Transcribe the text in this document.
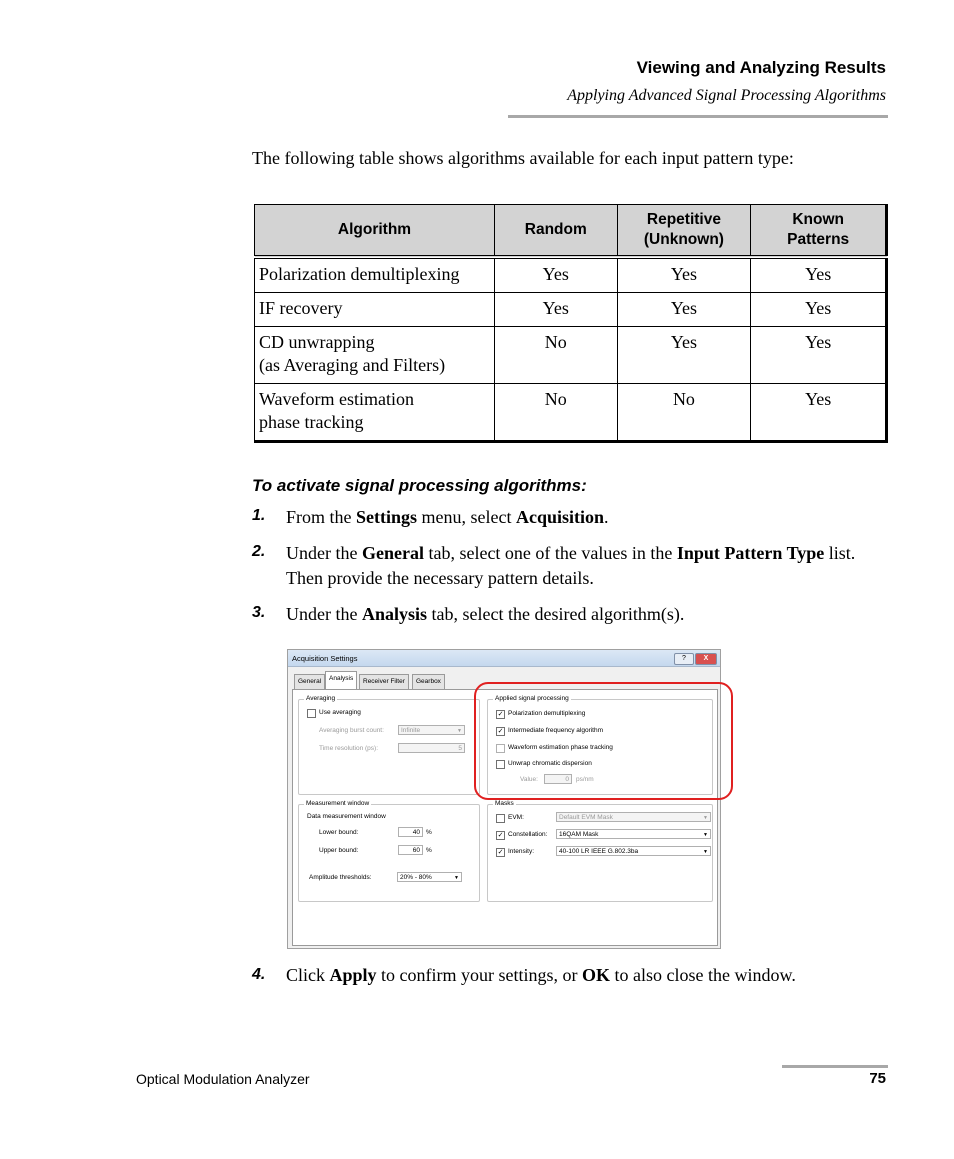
Viewing and Analyzing Results
Applying Advanced Signal Processing Algorithms
The following table shows algorithms available for each input pattern type:
Algorithm	Random	Repetitive (Unknown)	Known Patterns
Polarization demultiplexing	Yes	Yes	Yes
IF recovery	Yes	Yes	Yes
CD unwrapping
(as Averaging and Filters)	No	Yes	Yes
Waveform estimation
phase tracking	No	No	Yes
To activate signal processing algorithms:
1. From the Settings menu, select Acquisition.
2. Under the General tab, select one of the values in the Input Pattern Type list. Then provide the necessary pattern details.
3. Under the Analysis tab, select the desired algorithm(s).
Acquisition Settings	?	X
General	Analysis	Receiver Filter	Gearbox
Averaging
Use averaging
Averaging burst count:	Infinite	▼
Time resolution (ps):	5
Applied signal processing
✓ Polarization demultiplexing
✓ Intermediate frequency algorithm
Waveform estimation phase tracking
Unwrap chromatic dispersion
Value:	0	ps/nm
Measurement window
Data measurement window
Lower bound:	40 %
Upper bound:	60 %
Amplitude thresholds:	20% - 80%	▼
Masks
EVM:	Default EVM Mask	▼
✓ Constellation:	16QAM Mask	▼
✓ Intensity:	40-100 LR IEEE G.802.3ba	▼
4. Click Apply to confirm your settings, or OK to also close the window.
Optical Modulation Analyzer	75
